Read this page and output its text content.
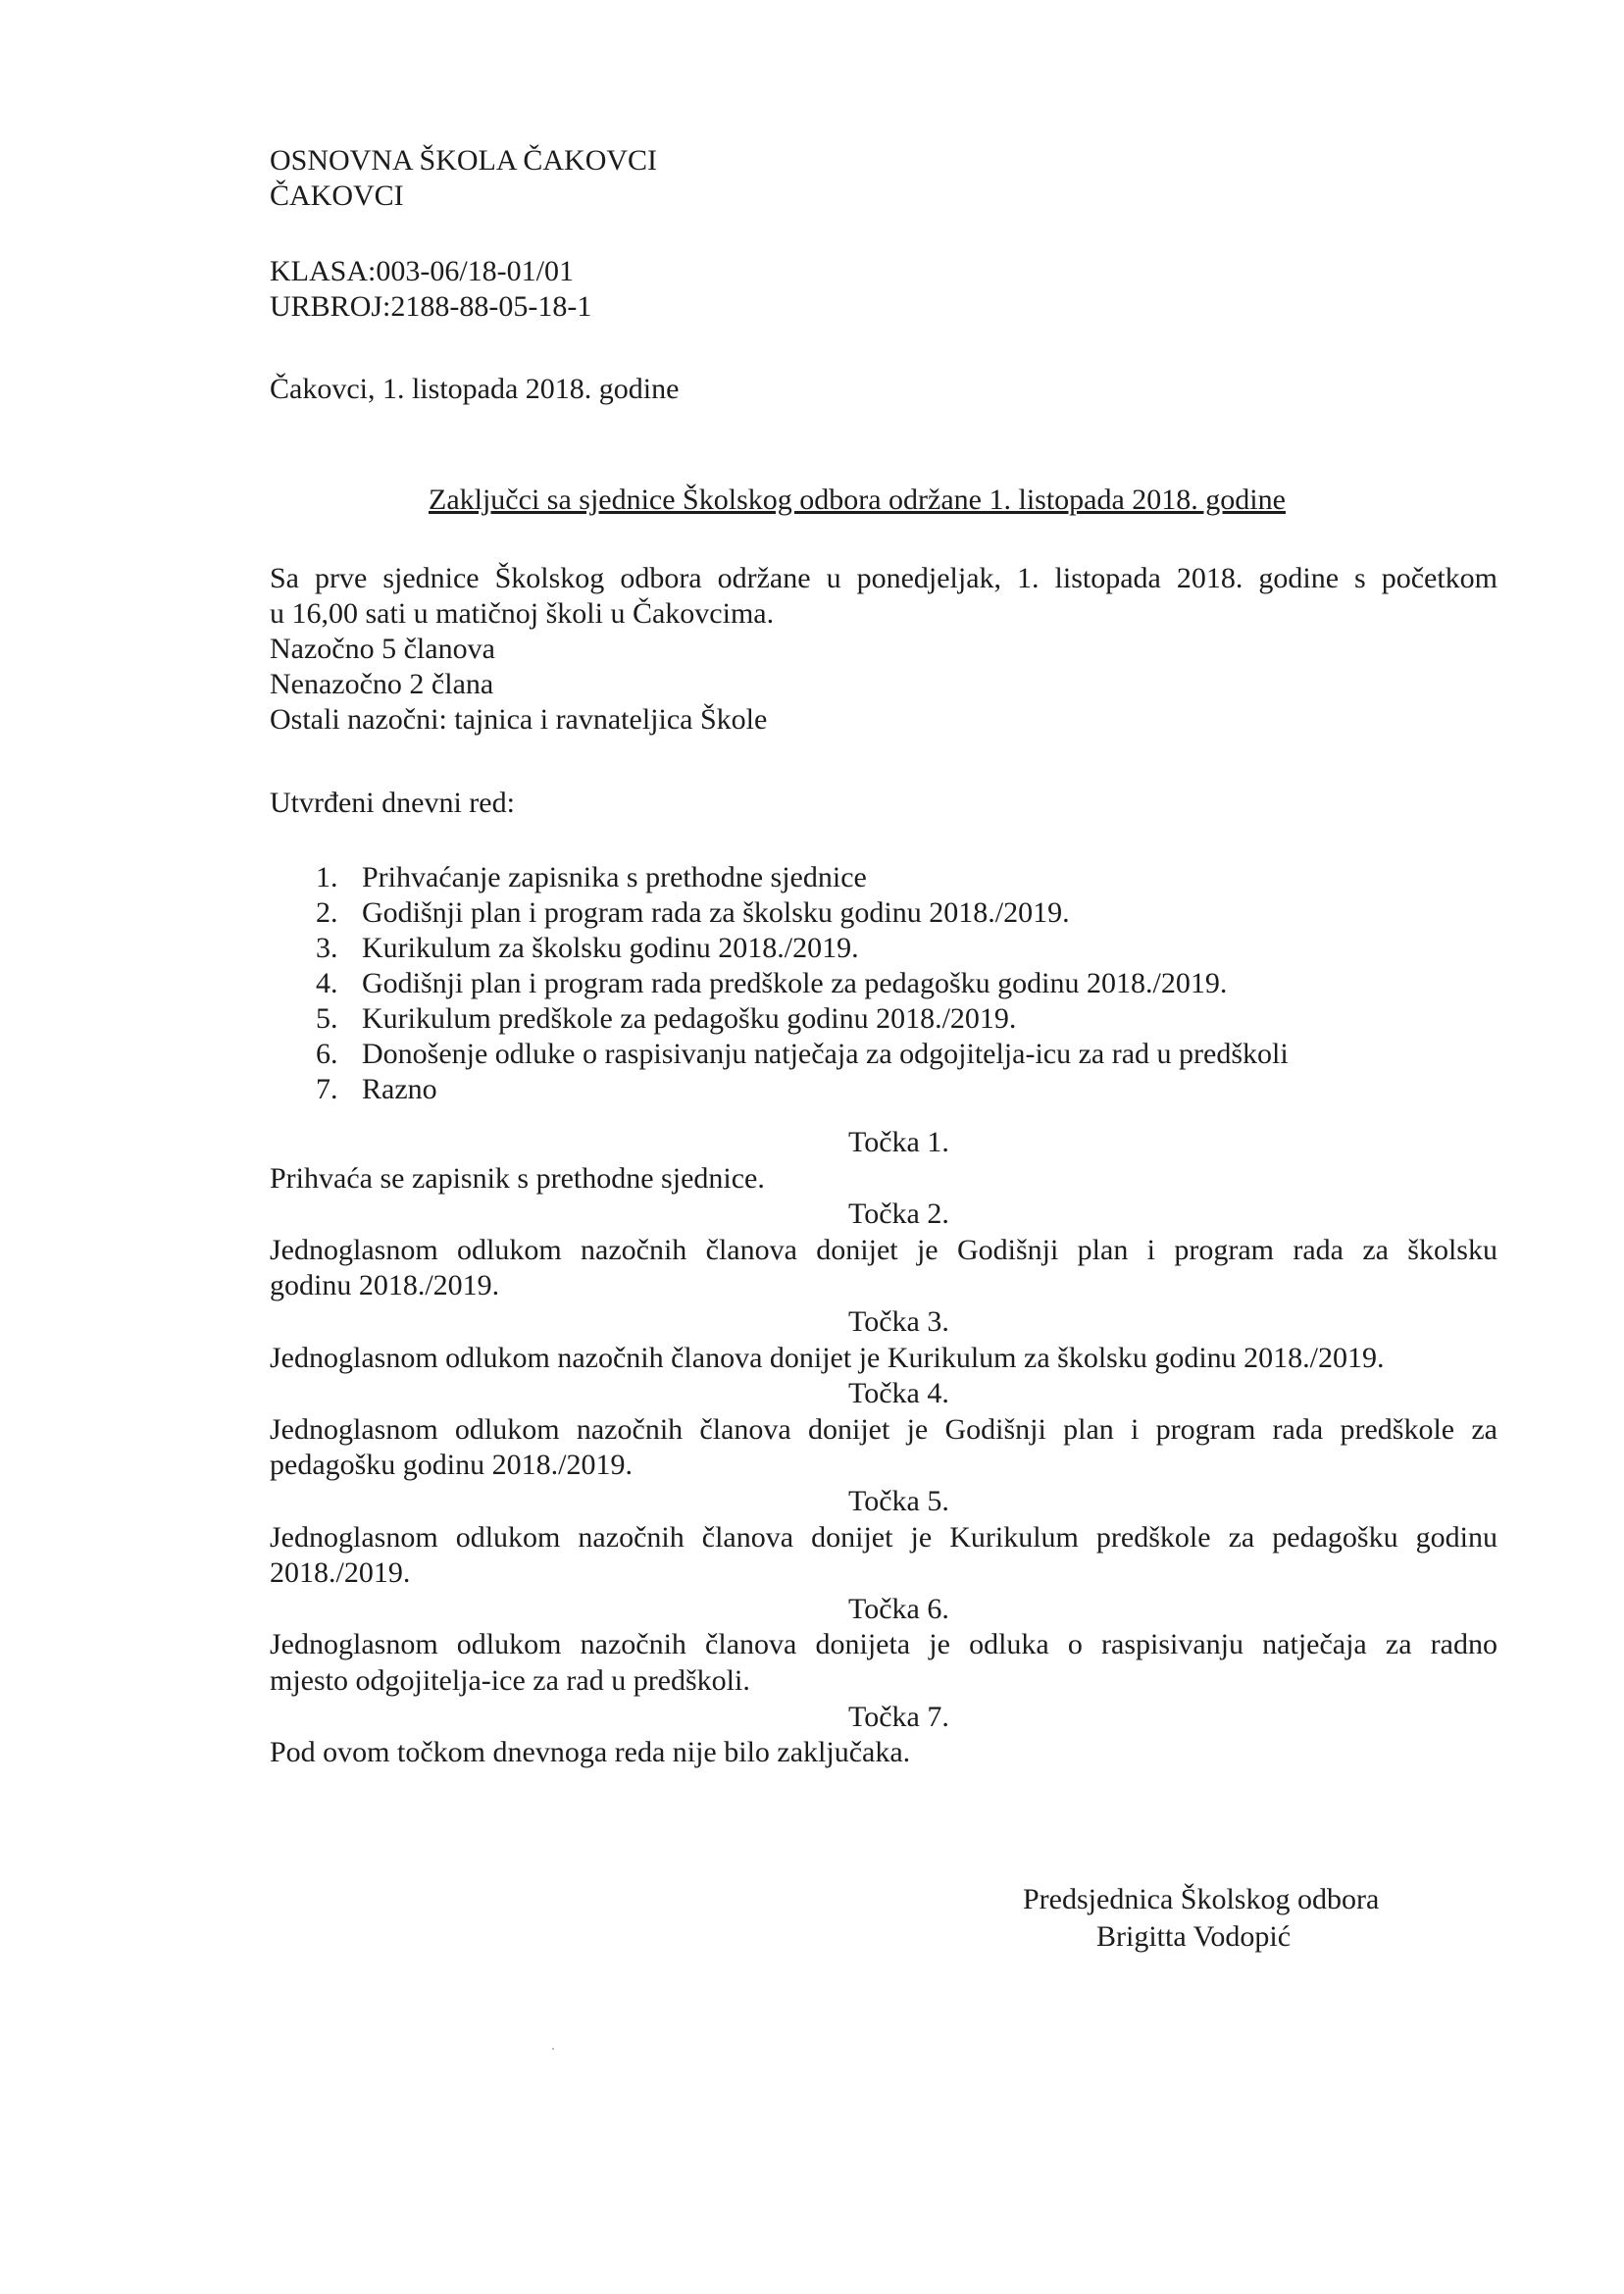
OSNOVNA ŠKOLA ČAKOVCI
ČAKOVCI
KLASA:003-06/18-01/01
URBROJ:2188-88-05-18-1
Čakovci, 1. listopada 2018. godine
Zaključci sa sjednice Školskog odbora održane 1. listopada 2018. godine
Sa prve sjednice Školskog odbora održane u ponedjeljak, 1. listopada 2018. godine s početkom
u 16,00 sati u matičnoj školi u Čakovcima.
Nazočno 5 članova
Nenazočno 2 člana
Ostali nazočni: tajnica i ravnateljica Škole
Utvrđeni dnevni red:
1. Prihvaćanje zapisnika s prethodne sjednice
2. Godišnji plan i program rada za školsku godinu 2018./2019.
3. Kurikulum za školsku godinu 2018./2019.
4. Godišnji plan i program rada predškole za pedagošku godinu 2018./2019.
5. Kurikulum predškole za pedagošku godinu 2018./2019.
6. Donošenje odluke o raspisivanju natječaja za odgojitelja-icu za rad u predškoli
7. Razno
Točka 1.
Prihvaća se zapisnik s prethodne sjednice.
Točka 2.
Jednoglasnom odlukom nazočnih članova donijet je Godišnji plan i program rada za školsku
godinu 2018./2019.
Točka 3.
Jednoglasnom odlukom nazočnih članova donijet je Kurikulum za školsku godinu 2018./2019.
Točka 4.
Jednoglasnom odlukom nazočnih članova donijet je Godišnji plan i program rada predškole za
pedagošku godinu 2018./2019.
Točka 5.
Jednoglasnom odlukom nazočnih članova donijet je Kurikulum predškole za pedagošku godinu
2018./2019.
Točka 6.
Jednoglasnom odlukom nazočnih članova donijeta je odluka o raspisivanju natječaja za radno
mjesto odgojitelja-ice za rad u predškoli.
Točka 7.
Pod ovom točkom dnevnoga reda nije bilo zaključaka.
Predsjednica Školskog odbora
Brigitta Vodopić
